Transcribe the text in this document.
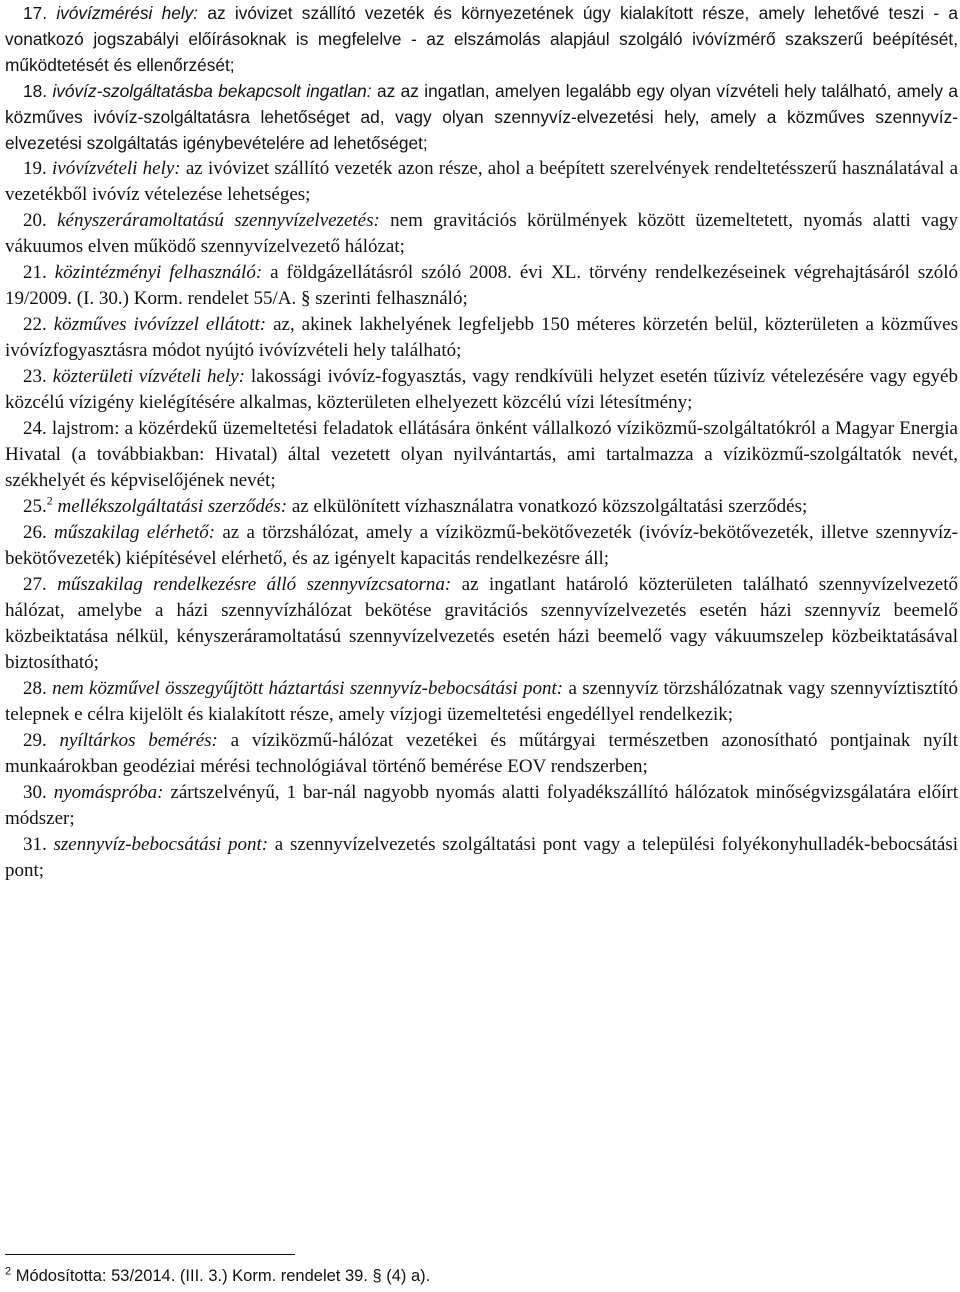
17. ivóvízmérési hely: az ivóvizet szállító vezeték és környezetének úgy kialakított része, amely lehetővé teszi - a vonatkozó jogszabályi előírásoknak is megfelelve - az elszámolás alapjául szolgáló ivóvízmérő szakszerű beépítését, működtetését és ellenőrzését;

18. ivóvíz-szolgáltatásba bekapcsolt ingatlan: az az ingatlan, amelyen legalább egy olyan vízvételi hely található, amely a közműves ivóvíz-szolgáltatásra lehetőséget ad, vagy olyan szennyvíz-elvezetési hely, amely a közműves szennyvíz-elvezetési szolgáltatás igénybevételére ad lehetőséget;

19. ivóvízvételi hely: az ivóvizet szállító vezeték azon része, ahol a beépített szerelvények rendeltetésszerű használatával a vezetékből ivóvíz vételezése lehetséges;

20. kényszeráramoltatású szennyvízelvezetés: nem gravitációs körülmények között üzemeltetett, nyomás alatti vagy vákuumos elven működő szennyvízelvezető hálózat;

21. közintézményi felhasználó: a földgázellátásról szóló 2008. évi XL. törvény rendelkezéseinek végrehajtásáról szóló 19/2009. (I. 30.) Korm. rendelet 55/A. § szerinti felhasználó;

22. közműves ivóvízzel ellátott: az, akinek lakhelyének legfeljebb 150 méteres körzetén belül, közterületen a közműves ivóvízfogyasztásra módot nyújtó ivóvízvételi hely található;

23. közterületi vízvételi hely: lakossági ivóvíz-fogyasztás, vagy rendkívüli helyzet esetén tűzivíz vételezésére vagy egyéb közcélú vízigény kielégítésére alkalmas, közterületen elhelyezett közcélú vízi létesítmény;

24. lajstrom: a közérdekű üzemeltetési feladatok ellátására önként vállalkozó víziközmű-szolgáltatókról a Magyar Energia Hivatal (a továbbiakban: Hivatal) által vezetett olyan nyilvántartás, ami tartalmazza a víziközmű-szolgáltatók nevét, székhelyét és képviselőjének nevét;

25.$^2$ mellékszolgáltatási szerződés: az elkülönített vízhasználatra vonatkozó közszolgáltatási szerződés;

26. műszakilag elérhető: az a törzshálózat, amely a víziközmű-bekötővezeték (ivóvíz-bekötővezeték, illetve szennyvíz-bekötővezeték) kiépítésével elérhető, és az igényelt kapacitás rendelkezésre áll;

27. műszakilag rendelkezésre álló szennyvízcsatorna: az ingatlant határoló közterületen található szennyvízelvezető hálózat, amelybe a házi szennyvízhálózat bekötése gravitációs szennyvízelvezetés esetén házi szennyvíz beemelő közbeiktatása nélkül, kényszeráramoltatású szennyvízelvezetés esetén házi beemelő vagy vákuumszelep közbeiktatásával biztosítható;

28. nem közművel összegyűjtött háztartási szennyvíz-bebocsátási pont: a szennyvíz törzshálózatnak vagy szennyvíztisztító telepnek e célra kijelölt és kialakított része, amely vízjogi üzemeltetési engedéllyel rendelkezik;

29. nyíltárkos bemérés: a víziközmű-hálózat vezetékei és műtárgyai természetben azonosítható pontjainak nyílt munkaárokban geodéziai mérési technológiával történő bemérése EOV rendszerben;

30. nyomáspróba: zártszelvényű, 1 bar-nál nagyobb nyomás alatti folyadékszállító hálózatok minőségvizsgálatára előírt módszer;

31. szennyvíz-bebocsátási pont: a szennyvízelvezetés szolgáltatási pont vagy a települési folyékonyhulladék-bebocsátási pont;

$^2$ Módosította: 53/2014. (III. 3.) Korm. rendelet 39. § (4) a).
